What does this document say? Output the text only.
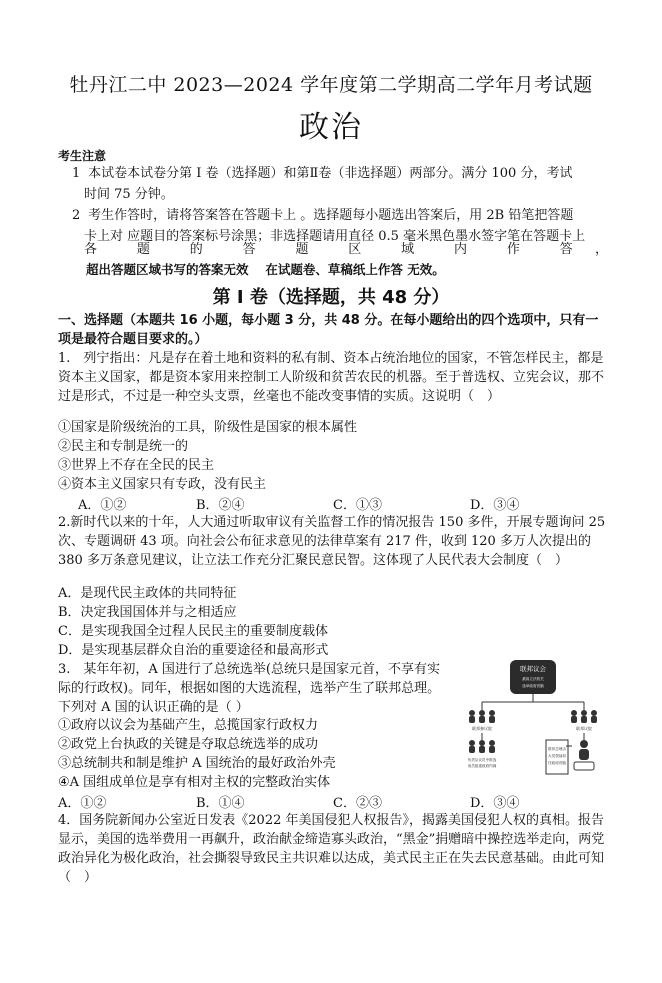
牡丹江二中 2023—2024 学年度第二学期高二学年月考试题
政治
考生注意
1 本试卷本试卷分第 I 卷（选择题）和第Ⅱ卷（非选择题）两部分。满分 100 分，考试
时间 75 分钟。
2 考生作答时，请将答案答在答题卡上 。选择题每小题选出答案后，用 2B 铅笔把答题
卡上对 应题目的答案标号涂黑；非选择题请用直径 0.5 毫米黑色墨水签字笔在答题卡上
各　　题　　的　　答　　题　　区　　域　　内　　作　　答　，
超出答题区域书写的答案无效 　在试题卷、草稿纸上作答 无效。
第 I 卷（选择题，共 48 分）
一、选择题（本题共 16 小题，每小题 3 分，共 48 分。在每小题给出的四个选项中，只有一项是最符合题目要求的。）
1.　列宁指出：凡是存在着土地和资料的私有制、资本占统治地位的国家，不管怎样民主，都是资本主义国家，都是资本家用来控制工人阶级和贫苦农民的机器。至于普选权、立宪会议，那不过是形式，不过是一种空头支票，丝毫也不能改变事情的实质。这说明（　）
①国家是阶级统治的工具，阶级性是国家的根本属性
②民主和专制是统一的
③世界上不存在全民的民主
④资本主义国家只有专政，没有民主
A．①②	B．②④	C．①③	D．③④
2.新时代以来的十年，人大通过听取审议有关监督工作的情况报告 150 多件，开展专题询问 25 次、专题调研 43 项。向社会公布征求意见的法律草案有 217 件，收到 120 多万人次提出的 380 多万条意见建议，让立法工作充分汇聚民意民智。这体现了人民代表大会制度（　）
A．是现代民主政体的共同特征
B．决定我国国体并与之相适应
C．是实现我国全过程人民民主的重要制度载体
D．是实现基层群众自治的重要途径和最高形式
3.　某年年初，A 国进行了总统选举(总统只是国家元首，不享有实际的行政权)。同年，根据如图的大选流程，选举产生了联邦总理。下列对 A 国的认识正确的是（ ）
①政府以议会为基础产生，总揽国家行政权力
②政党上台执政的关键是夺取总统选举的成功
③总统制共和制是维护 A 国统治的最好政治外壳
④A 国组成单位是享有相对主权的完整政治实体
A．①②	B．①④	C．②③	D．③④
联邦议会
最高立法机关
选举政府首脑
联邦参议院	联邦议院
负责从议员中推选
成员组建政府内阁
联邦总理由
大党领袖担
任政府首脑
4．国务院新闻办公室近日发表《2022 年美国侵犯人权报告》，揭露美国侵犯人权的真相。报告显示，美国的选举费用一再飙升，政治献金缔造寡头政治，“黑金”捐赠暗中操控选举走向，两党政治异化为极化政治，社会撕裂导致民主共识难以达成，美式民主正在失去民意基础。由此可知（　）
